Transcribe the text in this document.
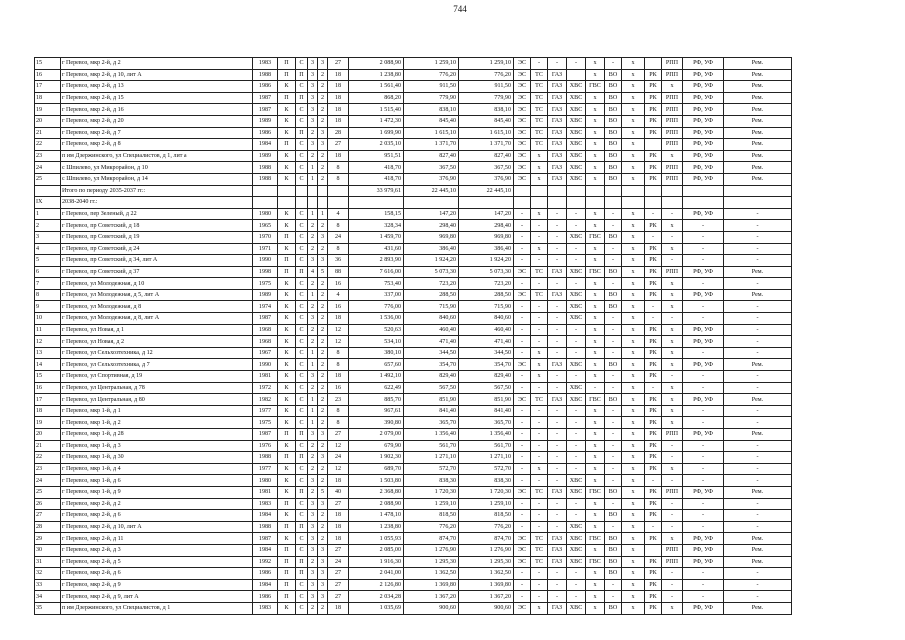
744
15	г Перевоз, мкр 2-й, д 2	1983	П	С	3	3	27	2 088,90	1 259,10	1 259,10	ЭС	-	-	-	х	-	х		РПП	РФ, УФ	Рем.
16	г Перевоз, мкр 2-й, д 10, лит А	1988	П	П	3	2	18	1 238,80	776,20	776,20	ЭС	ТС	ГАЗ		х	ВО	х	РК	РПП	РФ, УФ	Рем.
17	г Перевоз, мкр 2-й, д 13	1986	К	С	3	2	18	1 561,40	911,50	911,50	ЭС	ТС	ГАЗ	ХВС	ГВС	ВО	х	РК	х	РФ, УФ	Рем.
18	г Перевоз, мкр 2-й, д 15	1987	П	П	3	2	18	868,20	779,90	779,90	ЭС	ТС	ГАЗ	ХВС	х	ВО	х	РК	РПП	РФ, УФ	Рем.
19	г Перевоз, мкр 2-й, д 16	1987	К	С	3	2	18	1 515,40	838,10	838,10	ЭС	ТС	ГАЗ	ХВС	х	ВО	х	РК	РПП	РФ, УФ	Рем.
20	г Перевоз, мкр 2-й, д 20	1989	К	С	3	2	18	1 472,30	845,40	845,40	ЭС	ТС	ГАЗ	ХВС	х	ВО	х	РК	РПП	РФ, УФ	Рем.
21	г Перевоз, мкр 2-й, д 7	1986	К	П	2	3	28	1 699,90	1 615,10	1 615,10	ЭС	ТС	ГАЗ	ХВС	х	ВО	х	РК	РПП	РФ, УФ	Рем.
22	г Перевоз, мкр 2-й, д 8	1984	П	С	3	3	27	2 035,10	1 371,70	1 371,70	ЭС	ТС	ГАЗ	ХВС	х	ВО	х		РПП	РФ, УФ	Рем.
23	п им Дзержинского, ул Специалистов, д 1, лит а	1989	К	С	2	2	18	951,51	827,40	827,40	ЭС	х	ГАЗ	ХВС	х	ВО	х	РК	х	РФ, УФ	Рем.
24	с Шпилево, ул Микрорайон, д 10	1988	К	С	1	2	8	418,70	367,50	367,50	ЭС	х	ГАЗ	ХВС	х	ВО	х	РК	РПП	РФ, УФ	Рем.
25	с Шпилево, ул Микрорайон, д 14	1988	К	С	1	2	8	418,70	376,90	376,90	ЭС	х	ГАЗ	ХВС	х	ВО	х	РК	РПП	РФ, УФ	Рем.
	Итого по периоду 2035-2037 гг.:							33 979,61	22 445,10	22 445,10											
IX	2038-2040 гг.:																				
1	г Перевоз, пер Зеленый, д 22	1980	К	С	1	1	4	158,15	147,20	147,20	-	х	-	-	х	-	х	-	-	РФ, УФ	-
2	г Перевоз, пр Советский, д 18	1965	К	С	2	2	8	328,34	298,40	298,40	-	-	-	-	х	-	х	РК	х	-	-
3	г Перевоз, пр Советский, д 19	1970	П	С	2	3	24	1 459,70	969,80	969,80	-	-	-	ХВС	ГВС	ВО	х	-	-	-	-
4	г Перевоз, пр Советский, д 24	1971	К	С	2	2	8	431,60	386,40	386,40	-	х	-	-	х	-	х	РК	х	-	-
5	г Перевоз, пр Советский, д 34, лит А	1990	П	С	3	3	36	2 893,90	1 924,20	1 924,20	-	-	-	-	х	-	х	РК	-	-	-
6	г Перевоз, пр Советский, д 37	1998	П	П	4	5	88	7 616,00	5 073,30	5 073,30	ЭС	ТС	ГАЗ	ХВС	ГВС	ВО	х	РК	РПП	РФ, УФ	Рем.
7	г Перевоз, ул Молодежная, д 10	1975	К	С	2	2	16	753,40	723,20	723,20	-	-	-	-	х	-	х	РК	х	-	-
8	г Перевоз, ул Молодежная, д 5, лит А	1989	К	С	1	2	4	337,00	288,50	288,50	ЭС	ТС	ГАЗ	ХВС	х	ВО	х	РК	х	РФ, УФ	Рем.
9	г Перевоз, ул Молодежная, д 8	1974	К	С	2	2	16	776,00	715,90	715,90	-	-	-	ХВС	х	ВО	х	-	х	-	-
10	г Перевоз, ул Молодежная, д 8, лит А	1987	К	С	3	2	18	1 536,00	840,60	840,60	-	-	-	ХВС	х	-	х	-	-	-	-
11	г Перевоз, ул Новая, д 1	1968	К	С	2	2	12	520,63	460,40	460,40	-	-	-	-	х	-	х	РК	х	РФ, УФ	-
12	г Перевоз, ул Новая, д 2	1968	К	С	2	2	12	534,10	471,40	471,40	-	-	-	-	х	-	х	РК	х	РФ, УФ	-
13	г Перевоз, ул Сельхозтехника, д 12	1967	К	С	1	2	8	380,10	344,50	344,50	-	х	-	-	х	-	х	РК	х	-	-
14	г Перевоз, ул Сельхозтехника, д 7	1990	К	С	1	2	8	657,60	354,70	354,70	ЭС	х	ГАЗ	ХВС	х	ВО	х	РК	х	РФ, УФ	Рем.
15	г Перевоз, ул Спортивная, д 19	1981	К	С	3	2	18	1 492,10	829,40	829,40	-	х	-	-	х	-	х	РК	-	-	-
16	г Перевоз, ул Центральная, д 78	1972	К	С	2	2	16	622,49	567,50	567,50	-	-	-	ХВС	-	-	х	-	х	-	-
17	г Перевоз, ул Центральная, д 80	1982	К	С	1	2	23	885,70	851,90	851,90	ЭС	ТС	ГАЗ	ХВС	ГВС	ВО	х	РК	х	РФ, УФ	Рем.
18	г Перевоз, мкр 1-й, д 1	1977	К	С	1	2	8	967,61	841,40	841,40	-	-	-	-	х	-	х	РК	х	-	-
19	г Перевоз, мкр 1-й, д 2	1975	К	С	1	2	8	390,80	365,70	365,70	-	-	-	-	х	-	х	РК	х	-	-
20	г Перевоз, мкр 1-й, д 28	1987	П	П	3	3	27	2 079,00	1 356,40	1 356,40	-	-	-	-	х	-	х	РК	РПП	РФ, УФ	Рем.
21	г Перевоз, мкр 1-й, д 3	1976	К	С	2	2	12	679,90	561,70	561,70	-	-	-	-	х	-	х	РК	-	-	-
22	г Перевоз, мкр 1-й, д 30	1988	П	П	2	3	24	1 902,30	1 271,10	1 271,10	-	-	-	-	х	-	х	РК	-	-	-
23	г Перевоз, мкр 1-й, д 4	1977	К	С	2	2	12	689,70	572,70	572,70	-	х	-	-	х	-	х	РК	х	-	-
24	г Перевоз, мкр 1-й, д 6	1980	К	С	3	2	18	1 503,80	838,30	838,30	-	-	-	ХВС	х	-	х	-	-	-	-
25	г Перевоз, мкр 1-й, д 9	1981	К	П	2	5	40	2 368,80	1 720,30	1 720,30	ЭС	ТС	ГАЗ	ХВС	ГВС	ВО	х	РК	РПП	РФ, УФ	Рем.
26	г Перевоз, мкр 2-й, д 2	1983	П	С	3	3	27	2 088,90	1 259,10	1 259,10	-	-	-	-	х	-	х	РК	-	-	-
27	г Перевоз, мкр 2-й, д 6	1984	К	С	3	2	18	1 478,10	818,50	818,50	-	-	-	-	х	ВО	х	РК	-	-	-
28	г Перевоз, мкр 2-й, д 10, лит А	1988	П	П	3	2	18	1 238,80	776,20	776,20	-	-	-	ХВС	х	-	х	-	-	-	-
29	г Перевоз, мкр 2-й, д 11	1987	К	С	3	2	18	1 055,93	874,70	874,70	ЭС	ТС	ГАЗ	ХВС	ГВС	ВО	х	РК	х	РФ, УФ	Рем.
30	г Перевоз, мкр 2-й, д 3	1984	П	С	3	3	27	2 085,00	1 276,90	1 276,90	ЭС	ТС	ГАЗ	ХВС	х	ВО	х		РПП	РФ, УФ	Рем.
31	г Перевоз, мкр 2-й, д 5	1992	П	П	2	3	24	1 916,30	1 295,30	1 295,30	ЭС	ТС	ГАЗ	ХВС	ГВС	ВО	х	РК	РПП	РФ, УФ	Рем.
32	г Перевоз, мкр 2-й, д 6	1986	П	П	3	3	27	2 041,00	1 362,50	1 362,50	-	-	-	-	х	ВО	х	РК	-	-	-
33	г Перевоз, мкр 2-й, д 9	1984	П	С	3	3	27	2 126,80	1 369,80	1 369,80	-	-	-	-	х	-	х	РК	-	-	-
34	г Перевоз, мкр 2-й, д 9, лит А	1986	П	С	3	3	27	2 034,28	1 367,20	1 367,20	-	-	-	-	х	-	х	РК	-	-	-
35	п им Дзержинского, ул Специалистов, д 1	1983	К	С	2	2	18	1 035,69	900,60	900,60	ЭС	х	ГАЗ	ХВС	х	ВО	х	РК	х	РФ, УФ	Рем.
